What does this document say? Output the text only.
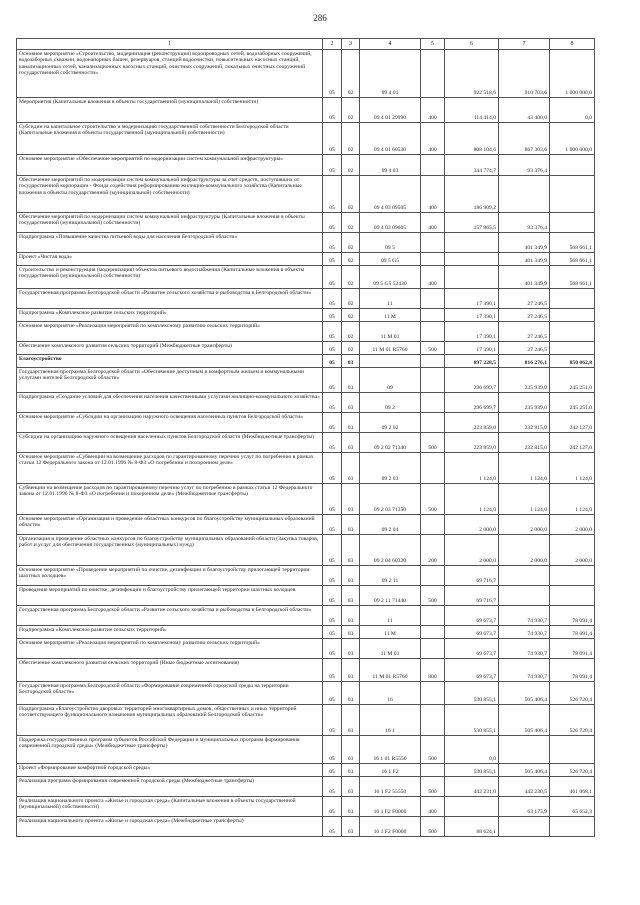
286
1	2	3	4	5	6	7	8
Основное мероприятие «Строительство, модернизация (реконструкция) водопроводных сетей, водозаборных сооружений, водозаборных скважин, водонапорных башен, резервуаров, станций водоочистки, повысительных насосных станций, канализационных сетей, канализационных насосных станций, очистных сооружений, локальных очистных сооружений государственной собственности»	05	02	09 4 01		922 518,6	910 703,6	1 000 000,0
Мероприятия (Капитальные вложения в объекты государственной (муниципальной) собственности)	05	02	09 4 01 29990	400	114 414,0	43 400,0	0,0
Субсидии на капитальное строительство и модернизацию государственной собственности Белгородской области (Капитальные вложения в объекты государственной (муниципальной) собственности)	05	02	09 4 01 60530	400	808 104,6	867 303,6	1 000 000,0
Основное мероприятие «Обеспечение мероприятий по модернизации систем коммунальной инфраструктуры»	05	02	09 4 03		344 774,7	93 376,4	
Обеспечение мероприятий по модернизации систем коммунальной инфраструктуры за счет средств, поступивших от государственной корпорации - Фонда содействия реформированию жилищно-коммунального хозяйства (Капитальные вложения в объекты государственной (муниципальной) собственности)	05	02	09 4 03 09505	400	186 909,2		
Обеспечение мероприятий по модернизации систем коммунальной инфраструктуры (Капитальные вложения в объекты государственной (муниципальной) собственности)	05	02	09 4 03 09605	400	157 865,5	93 376,4	
Подпрограмма «Повышение качества питьевой воды для населения Белгородской области»	05	02	09 5			401 349,9	568 661,1
Проект «Чистая вода»	05	02	09 5 G5			401 349,9	568 661,1
Строительство и реконструкция (модернизация) объектов питьевого водоснабжения (Капитальные вложения в объекты государственной (муниципальной) собственности)	05	02	09 5 G5 52430	400		401 349,9	568 661,1
Государственная программа Белгородской области «Развитие сельского хозяйства и рыбоводства в Белгородской области»	05	02	11		17 390,1	27 246,5	
Подпрограмма «Комплексное развитие сельских территорий»	05	02	11 М		17 390,1	27 246,5	
Основное мероприятие «Реализация мероприятий по комплексному развитию сельских территорий»	05	02	11 М 01		17 390,1	27 246,5	
Обеспечение комплексного развития сельских территорий (Межбюджетные трансферты)	05	02	11 М 01 R5760	500	17 390,1	27 246,5	
Благоустройство	05	03			897 228,5	816 276,1	850 062,8
Государственная программа Белгородской области «Обеспечение доступным и комфортным жильем и коммунальными услугами жителей Белгородской области»	05	03	09		296 699,7	235 939,0	245 251,0
Подпрограмма «Создание условий для обеспечения населения качественными услугами жилищно-коммунального хозяйства»	05	03	09 2		296 699,7	235 939,0	245 251,0
Основное мероприятие «Субсидии на организацию наружного освещения населенных пунктов Белгородской области»	05	03	09 2 02		223 859,0	232 815,0	242 127,0
Субсидии на организацию наружного освещения населенных пунктов Белгородской области (Межбюджетные трансферты)	05	03	09 2 02 71340	500	223 859,0	232 815,0	242 127,0
Основное мероприятие «Субвенции на возмещение расходов по гарантированному перечню услуг по погребению в рамках статьи 12 Федерального закона от 12.01.1996 № 8-ФЗ «О погребении и похоронном деле»	05	03	09 2 03		1 124,0	1 124,0	1 124,0
Субвенции на возмещение расходов по гарантированному перечню услуг по погребению в рамках статьи 12 Федерального закона от 12.01.1996 № 8-ФЗ «О погребении и похоронном деле» (Межбюджетные трансферты)	05	03	09 2 03 71350	500	1 124,0	1 124,0	1 124,0
Основное мероприятие «Организация и проведение областных конкурсов по благоустройству муниципальных образований области»	05	03	09 2 04		2 000,0	2 000,0	2 000,0
Организация и проведение областных конкурсов по благоустройству муниципальных образований области (Закупка товаров, работ и услуг для обеспечения государственных (муниципальных) нужд)	05	03	09 2 04 60320	200	2 000,0	2 000,0	2 000,0
Основное мероприятие «Проведение мероприятий по очистке, дезинфекции и благоустройству прилегающей территории шахтных колодцев»	05	03	09 2 11		69 716,7		
Проведение мероприятий по очистке, дезинфекции и благоустройству прилегающей территории шахтных колодцев	05	03	09 2 11 71440	500	69 716,7		
Государственная программа Белгородской области «Развитие сельского хозяйства и рыбоводства в Белгородской области»	05	03	11		69 673,7	74 930,7	78 091,4
Подпрограмма «Комплексное развитие сельских территорий»	05	03	11 М		69 673,7	74 930,7	78 091,4
Основное мероприятие «Реализация мероприятий по комплексному развитию сельских территорий»	05	03	11 М 01		69 673,7	74 930,7	78 091,4
Обеспечение комплексного развития сельских территорий (Иные бюджетные ассигнования)	05	03	11 М 01 R5760	800	69 673,7	74 930,7	78 091,4
Государственная программа Белгородской области «Формирование современной городской среды на территории Белгородской области»	05	03	16		530 855,1	505 406,4	526 720,4
Подпрограмма «Благоустройство дворовых территорий многоквартирных домов, общественных и иных территорий соответствующего функционального назначения муниципальных образований Белгородской области»	05	03	16 1		530 855,1	505 406,4	526 720,4
Поддержка государственных программ субъектов Российской Федерации и муниципальных программ формирования современной городской среды» (Межбюджетные трансферты)	05	03	16 1 01 R5550	500	0,0		
Проект «Формирование комфортной городской среды»	05	03	16 1 F2		530 855,1	505 406,4	526 720,4
Реализация программ формирования современной городской среды (Межбюджетные трансферты)	05	03	16 1 F2 55550	500	442 231,0	442 230,5	461 068,1
Реализация национального проекта «Жилье и городская среда» (Капитальные вложения в объекты государственной (муниципальной) собственности)	05	03	16 1 F2 F0000	400		63 175,9	65 652,3
Реализация национального проекта «Жилье и городская среда» (Межбюджетные трансферты)	05	03	16 1 F2 F0000	500	88 624,1		
